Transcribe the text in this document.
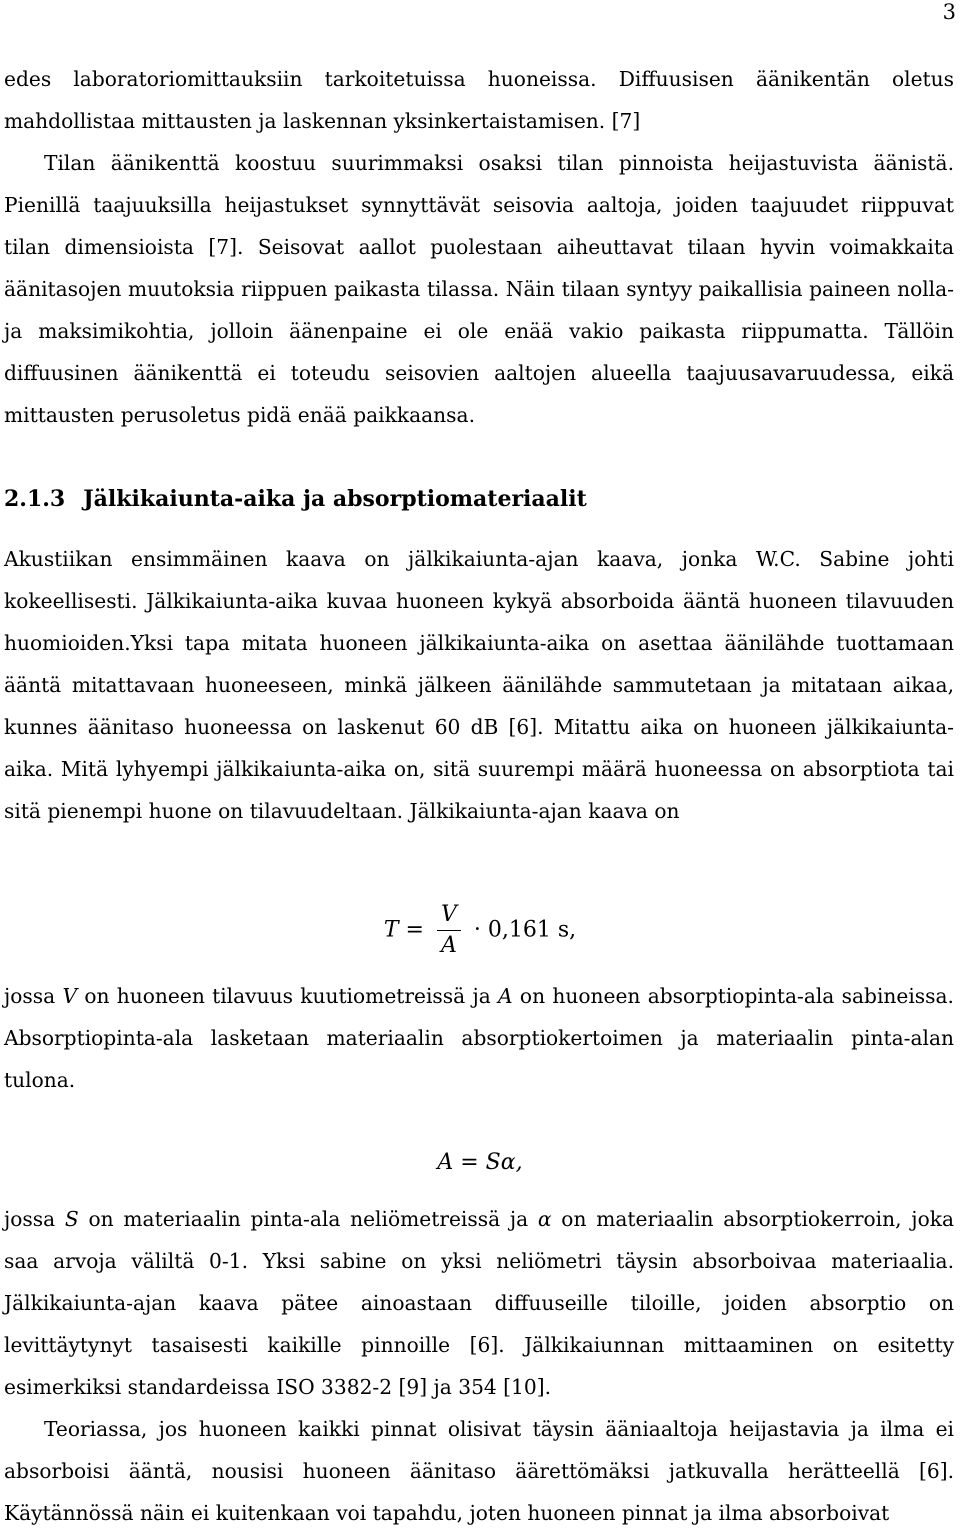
3

edes laboratoriomittauksiin tarkoitetuissa huoneissa. Diffuusisen äänikentän oletus mahdollistaa mittausten ja laskennan yksinkertaistamisen. [7]

Tilan äänikenttä koostuu suurimmaksi osaksi tilan pinnoista heijastuvista äänistä. Pienillä taajuuksilla heijastukset synnyttävät seisovia aaltoja, joiden taajuudet riippuvat tilan dimensioista [7]. Seisovat aallot puolestaan aiheuttavat tilaan hyvin voimakkaita äänitasojen muutoksia riippuen paikasta tilassa. Näin tilaan syntyy paikallisia paineen nolla- ja maksimikohtia, jolloin äänenpaine ei ole enää vakio paikasta riippumatta. Tällöin diffuusinen äänikenttä ei toteudu seisovien aaltojen alueella taajuusavaruudessa, eikä mittausten perusoletus pidä enää paikkaansa.

2.1.3 Jälkikaiunta-aika ja absorptiomateriaalit

Akustiikan ensimmäinen kaava on jälkikaiunta-ajan kaava, jonka W.C. Sabine johti kokeellisesti. Jälkikaiunta-aika kuvaa huoneen kykyä absorboida ääntä huoneen tilavuuden huomioiden.Yksi tapa mitata huoneen jälkikaiunta-aika on asettaa äänilähde tuottamaan ääntä mitattavaan huoneeseen, minkä jälkeen äänilähde sammutetaan ja mitataan aikaa, kunnes äänitaso huoneessa on laskenut 60 dB [6]. Mitattu aika on huoneen jälkikaiunta-aika. Mitä lyhyempi jälkikaiunta-aika on, sitä suurempi määrä huoneessa on absorptiota tai sitä pienempi huone on tilavuudeltaan. Jälkikaiunta-ajan kaava on

$T = \frac{V}{A} \cdot 0,161$ s,

jossa V on huoneen tilavuus kuutiometreissä ja A on huoneen absorptiopinta-ala sabineissa. Absorptiopinta-ala lasketaan materiaalin absorptiokertoimen ja materiaalin pinta-alan tulona.

A = Sα,

jossa S on materiaalin pinta-ala neliömetreissä ja α on materiaalin absorptiokerroin, joka saa arvoja väliltä 0-1. Yksi sabine on yksi neliömetri täysin absorboivaa materiaalia. Jälkikaiunta-ajan kaava pätee ainoastaan diffuuseille tiloille, joiden absorptio on levittäytynyt tasaisesti kaikille pinnoille [6]. Jälkikaiunnan mittaaminen on esitetty esimerkiksi standardeissa ISO 3382-2 [9] ja 354 [10].

Teoriassa, jos huoneen kaikki pinnat olisivat täysin ääniaaltoja heijastavia ja ilma ei absorboisi ääntä, nousisi huoneen äänitaso äärettömäksi jatkuvalla herätteellä [6]. Käytännössä näin ei kuitenkaan voi tapahdu, joten huoneen pinnat ja ilma absorboivat
